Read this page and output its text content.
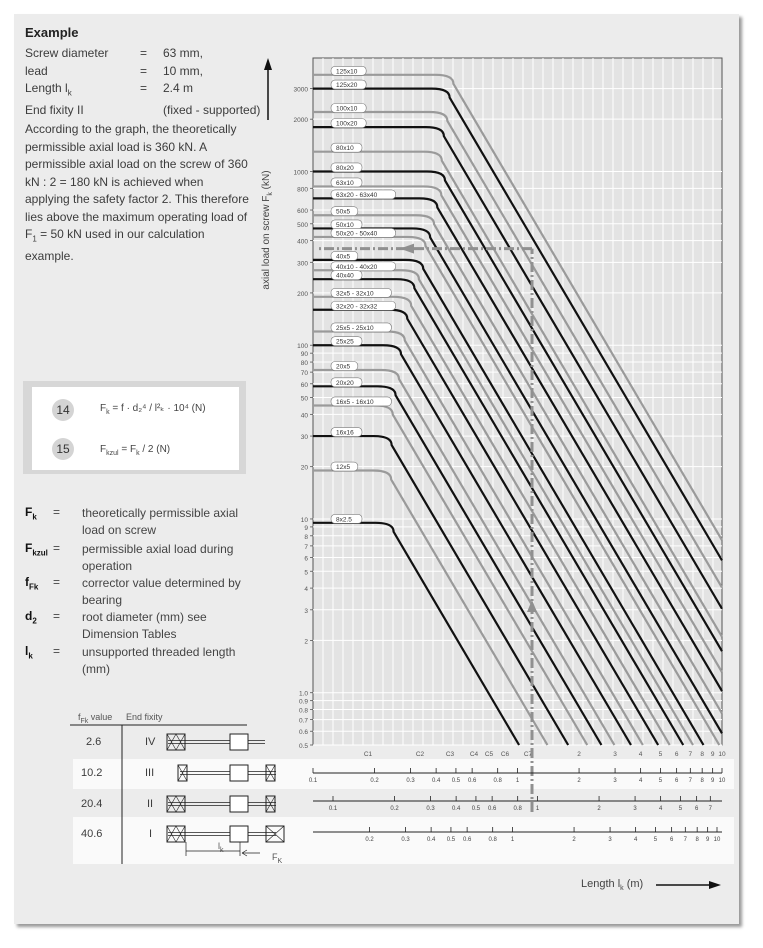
Example
Screw diameter	=	63 mm,
lead	=	10 mm,
Length $l_k$	=	2.4 m
End fixity II	(fixed - supported)
According to the graph, the theoretically permissible axial load is 360 kN. A permissible axial load on the screw of 360 kN : 2 = 180 kN is achieved when applying the safety factor 2. This therefore lies above the maximum operating load of $F_1 = 50$ kN used in our calculation example.
14	$F_k = f \cdot d_2^4 / l^2_k \cdot 10^4$ (N)
15	$F_{kzul} = F_k / 2$ (N)
$F_k$ = theoretically permissible axial load on screw
$F_{kzul}$ = permissible axial load during operation
$f_{Fk}$ = corrector value determined by bearing
$d_2$ = root diameter (mm) see Dimension Tables
$l_k$ = unsupported threaded length (mm)
$f_{Fk}$ value End fixity
2.6	IV
10.2	III
20.4	II
40.6	I
$l_k$
$F_K$
Length $l_k$ (m)
axial load on screw $F_k$ (kN)
0.5
0.6
0.7
0.8
0.9
1.0
2
3
4
5
6
7
8
9
10
20
30
40
50
60
70
80
90
100
200
300
400
500
600
800
1000
2000
3000
C1	C2	C3 C4 C5 C6 C7
125x10
125x20
100x10
100x20
80x10
80x20
63x10
63x20 - 63x40
50x5
50x10
50x20 - 50x40
40x5
40x10 - 40x20
40x40
32x5 - 32x10
32x20 - 32x32
25x5 - 25x10
25x25
20x5
20x20
16x5 - 16x10
16x16
12x5
8x2.5
0.1	0.2	0.3	0.4 0.5 0.6	0.8 1	2	3	4	5 6 7 8 9 10
0.1	0.2	0.3	0.4 0.5 0.6	0.8 1	2	3	4	5 6 7
0.2	0.3	0.4 0.5 0.6	0.8 1	2	3	4	5 6 7 8 9 10
2	3	4 5 6 7 8 9 10
